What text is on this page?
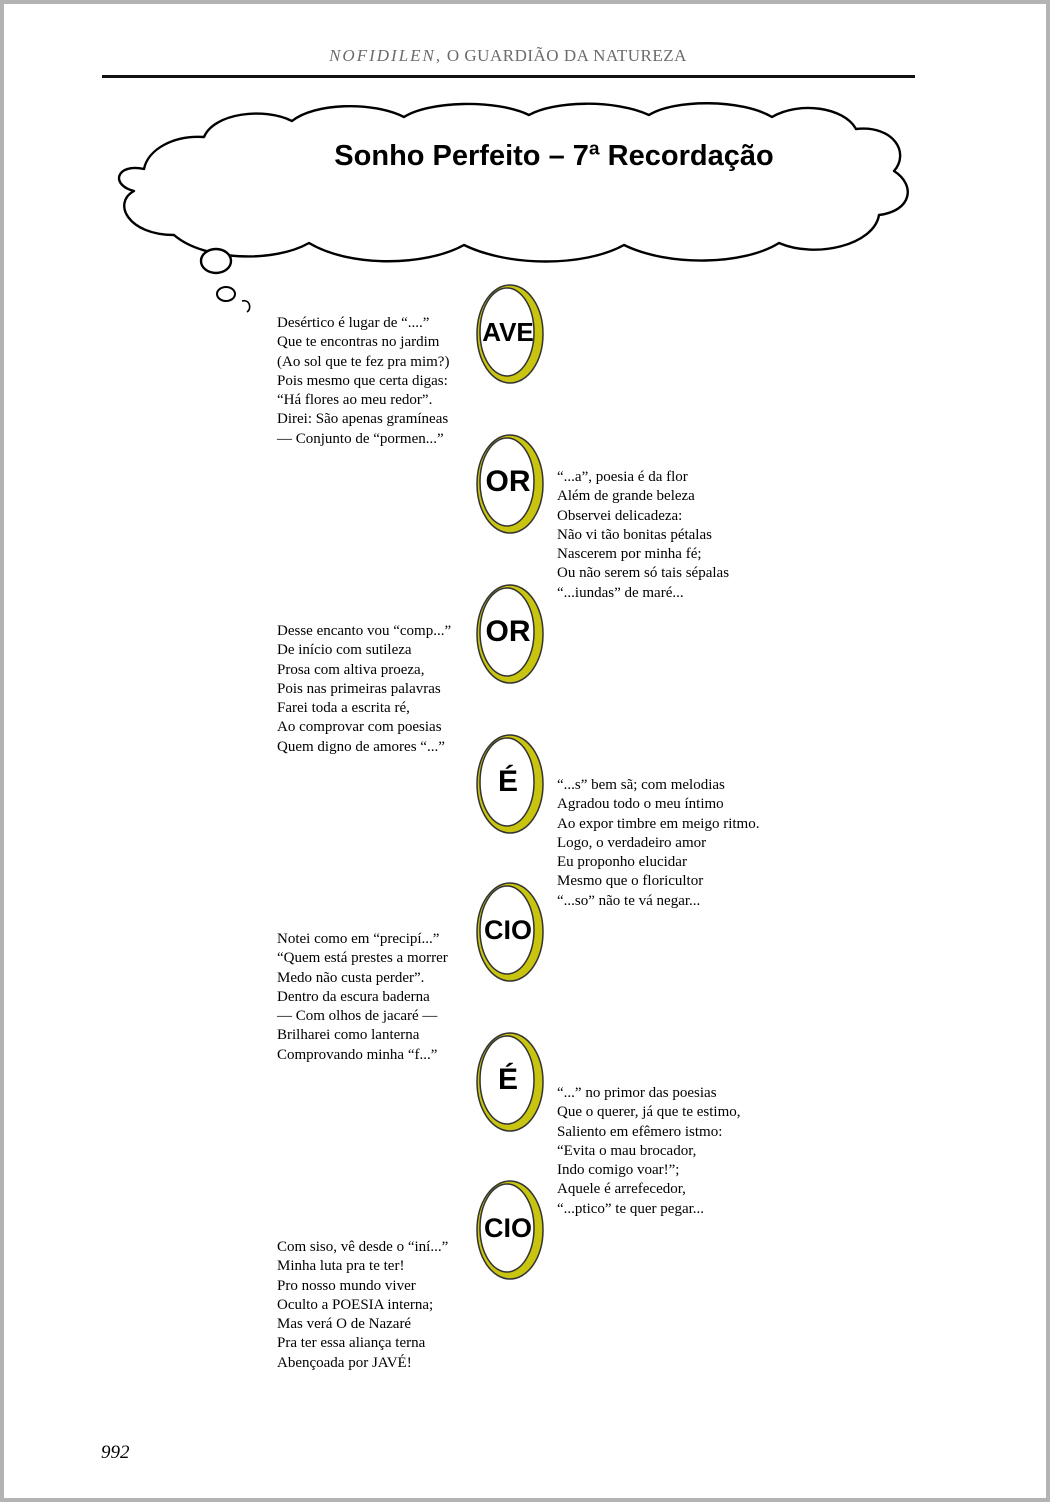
NOFIDILEN, O GUARDIÃO DA NATUREZA
Sonho Perfeito – 7ª Recordação
Desértico é lugar de “....”
Que te encontras no jardim
(Ao sol que te fez pra mim?)
Pois mesmo que certa digas:
“Há flores ao meu redor”.
Direi: São apenas gramíneas
— Conjunto de “pormen...”
“...a”, poesia é da flor
Além de grande beleza
Observei delicadeza:
Não vi tão bonitas pétalas
Nascerem por minha fé;
Ou não serem só tais sépalas
“...iundas” de maré...
Desse encanto vou “comp...”
De início com sutileza
Prosa com altiva proeza,
Pois nas primeiras palavras
Farei toda a escrita ré,
Ao comprovar com poesias
Quem digno de amores “...”
“...s” bem sã; com melodias
Agradou todo o meu íntimo
Ao expor timbre em meigo ritmo.
Logo, o verdadeiro amor
Eu proponho elucidar
Mesmo que o floricultor
“...so” não te vá negar...
Notei como em “precipí...”
“Quem está prestes a morrer
Medo não custa perder”.
Dentro da escura baderna
— Com olhos de jacaré —
Brilharei como lanterna
Comprovando minha “f...”
“...” no primor das poesias
Que o querer, já que te estimo,
Saliento em efêmero istmo:
“Evita o mau brocador,
Indo comigo voar!”;
Aquele é arrefecedor,
“...ptico” te quer pegar...
Com siso, vê desde o “iní...”
Minha luta pra te ter!
Pro nosso mundo viver
Oculto a POESIA interna;
Mas verá O de Nazaré
Pra ter essa aliança terna
Abençoada por JAVÉ!
AVE
OR
OR
É
CIO
É
CIO
992
